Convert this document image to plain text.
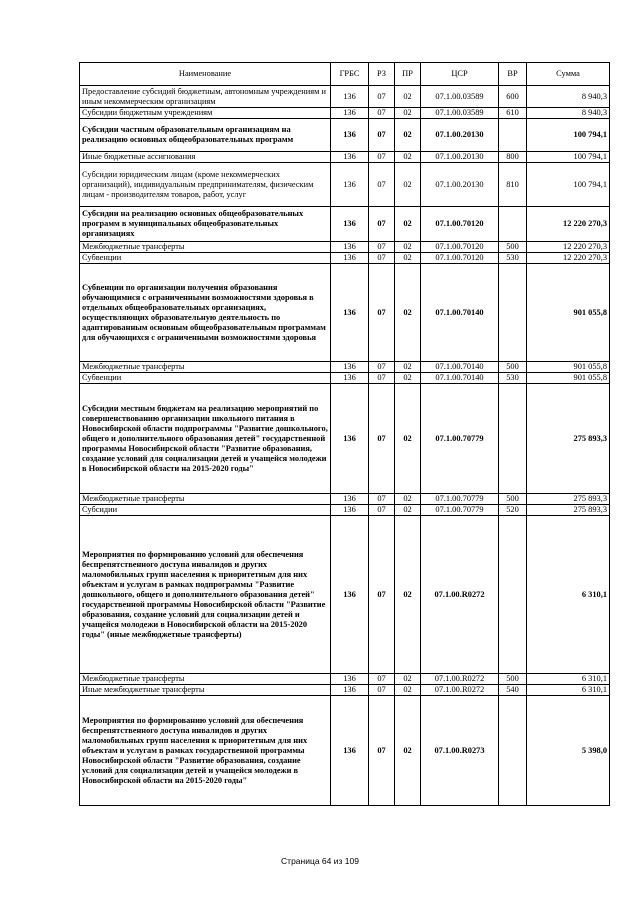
Наименование	ГРБС	РЗ	ПР	ЦСР	ВР	Сумма
Предоставление субсидий бюджетным, автономным учреждениям и иным некоммерческим организациям	136	07	02	07.1.00.03589	600	8 940,3
Субсидии бюджетным учреждениям	136	07	02	07.1.00.03589	610	8 940,3
Субсидии частным образовательным организациям на реализацию основных общеобразовательных программ	136	07	02	07.1.00.20130		100 794,1
Иные бюджетные ассигнования	136	07	02	07.1.00.20130	800	100 794,1
Субсидии юридическим лицам (кроме некоммерческих организаций), индивидуальным предпринимателям, физическим лицам - производителям товаров, работ, услуг	136	07	02	07.1.00.20130	810	100 794,1
Субсидии на реализацию основных общеобразовательных программ в муниципальных общеобразовательных организациях	136	07	02	07.1.00.70120		12 220 270,3
Межбюджетные трансферты	136	07	02	07.1.00.70120	500	12 220 270,3
Субвенции	136	07	02	07.1.00.70120	530	12 220 270,3
Субвенции по организации получения образования обучающимися с ограниченными возможностями здоровья в отдельных общеобразовательных организациях, осуществляющих образовательную деятельность по адаптированным основным общеобразовательным программам для обучающихся с ограниченными возможностями здоровья	136	07	02	07.1.00.70140		901 055,8
Межбюджетные трансферты	136	07	02	07.1.00.70140	500	901 055,8
Субвенции	136	07	02	07.1.00.70140	530	901 055,8
Субсидии местным бюджетам на реализацию мероприятий по совершенствованию организации школьного питания в Новосибирской области подпрограммы "Развитие дошкольного, общего и дополнительного образования детей" государственной программы Новосибирской области "Развитие образования, создание условий для социализации детей и учащейся молодежи в Новосибирской области на 2015-2020 годы"	136	07	02	07.1.00.70779		275 893,3
Межбюджетные трансферты	136	07	02	07.1.00.70779	500	275 893,3
Субсидии	136	07	02	07.1.00.70779	520	275 893,3
Мероприятия по формированию условий для обеспечения беспрепятственного доступа инвалидов и других маломобильных групп населения к приоритетным для них объектам и услугам в рамках подпрограммы "Развитие дошкольного, общего и дополнительного образования детей" государственной программы Новосибирской области "Развитие образования, создание условий для социализации детей и учащейся молодежи в Новосибирской области на 2015-2020 годы" (иные межбюджетные трансферты)	136	07	02	07.1.00.R0272		6 310,1
Межбюджетные трансферты	136	07	02	07.1.00.R0272	500	6 310,1
Иные межбюджетные трансферты	136	07	02	07.1.00.R0272	540	6 310,1
Мероприятия по формированию условий для обеспечения беспрепятственного доступа инвалидов и других маломобильных групп населения к приоритетным для них объектам и услугам в рамках государственной программы Новосибирской области "Развитие образования, создание условий для социализации детей и учащейся молодежи в Новосибирской области на 2015-2020 годы"	136	07	02	07.1.00.R0273		5 398,0
Страница 64 из 109
